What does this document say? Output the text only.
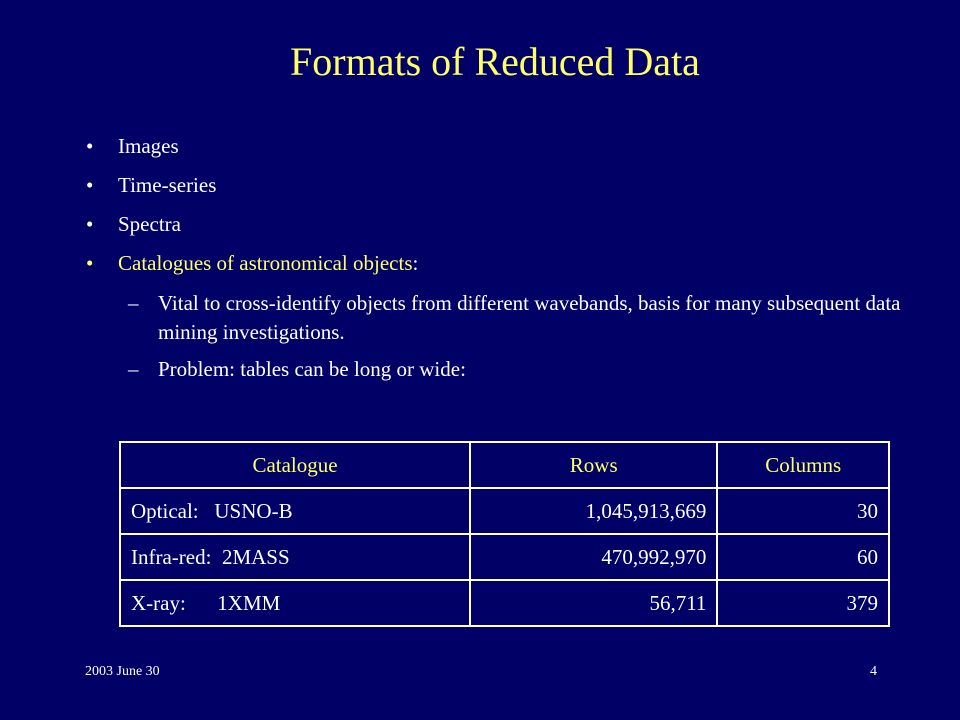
Formats of Reduced Data
• Images
• Time-series
• Spectra
• Catalogues of astronomical objects:
– Vital to cross-identify objects from different wavebands, basis for many subsequent data mining investigations.
– Problem: tables can be long or wide:
Catalogue	Rows	Columns
Optical:   USNO-B	1,045,913,669	30
Infra-red:  2MASS	470,992,970	60
X-ray:      1XMM	56,711	379
2003 June 30	4
